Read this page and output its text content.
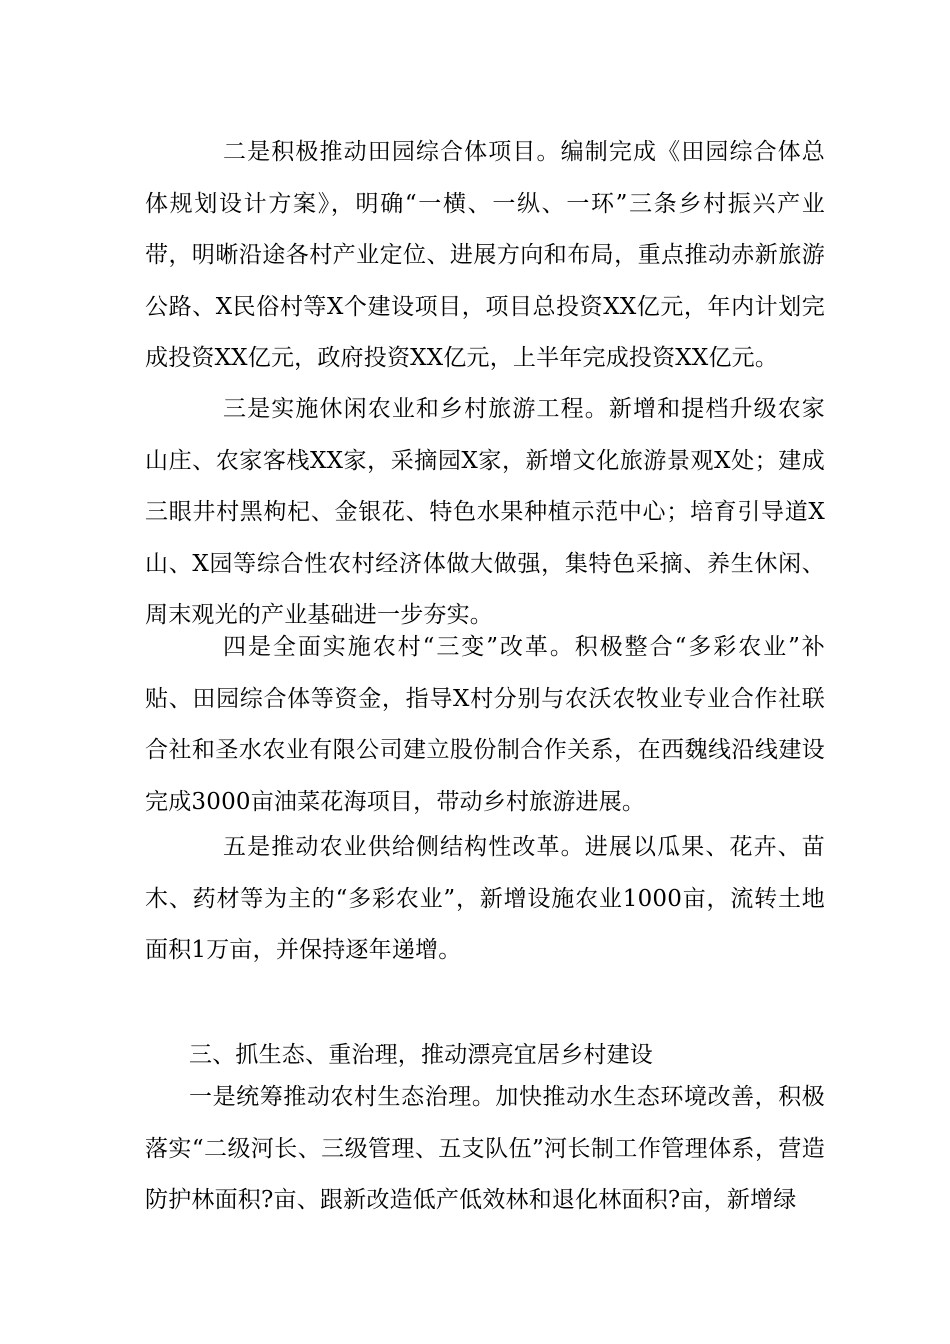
二是积极推动田园综合体项目。编制完成《田园综合体总体规划设计方案》，明确“一横、一纵、一环”三条乡村振兴产业带，明晰沿途各村产业定位、进展方向和布局，重点推动赤新旅游公路、X民俗村等X个建设项目，项目总投资XX亿元，年内计划完成投资XX亿元，政府投资XX亿元，上半年完成投资XX亿元。

三是实施休闲农业和乡村旅游工程。新增和提档升级农家山庄、农家客栈XX家，采摘园X家，新增文化旅游景观X处；建成三眼井村黑枸杞、金银花、特色水果种植示范中心；培育引导道X山、X园等综合性农村经济体做大做强，集特色采摘、养生休闲、周末观光的产业基础进一步夯实。

四是全面实施农村“三变”改革。积极整合“多彩农业”补贴、田园综合体等资金，指导X村分别与农沃农牧业专业合作社联合社和圣水农业有限公司建立股份制合作关系，在西魏线沿线建设完成3000亩油菜花海项目，带动乡村旅游进展。

五是推动农业供给侧结构性改革。进展以瓜果、花卉、苗木、药材等为主的“多彩农业”，新增设施农业1000亩，流转土地面积1万亩，并保持逐年递增。

三、抓生态、重治理，推动漂亮宜居乡村建设

一是统筹推动农村生态治理。加快推动水生态环境改善，积极落实“二级河长、三级管理、五支队伍”河长制工作管理体系，营造防护林面积?亩、跟新改造低产低效林和退化林面积?亩，新增绿
